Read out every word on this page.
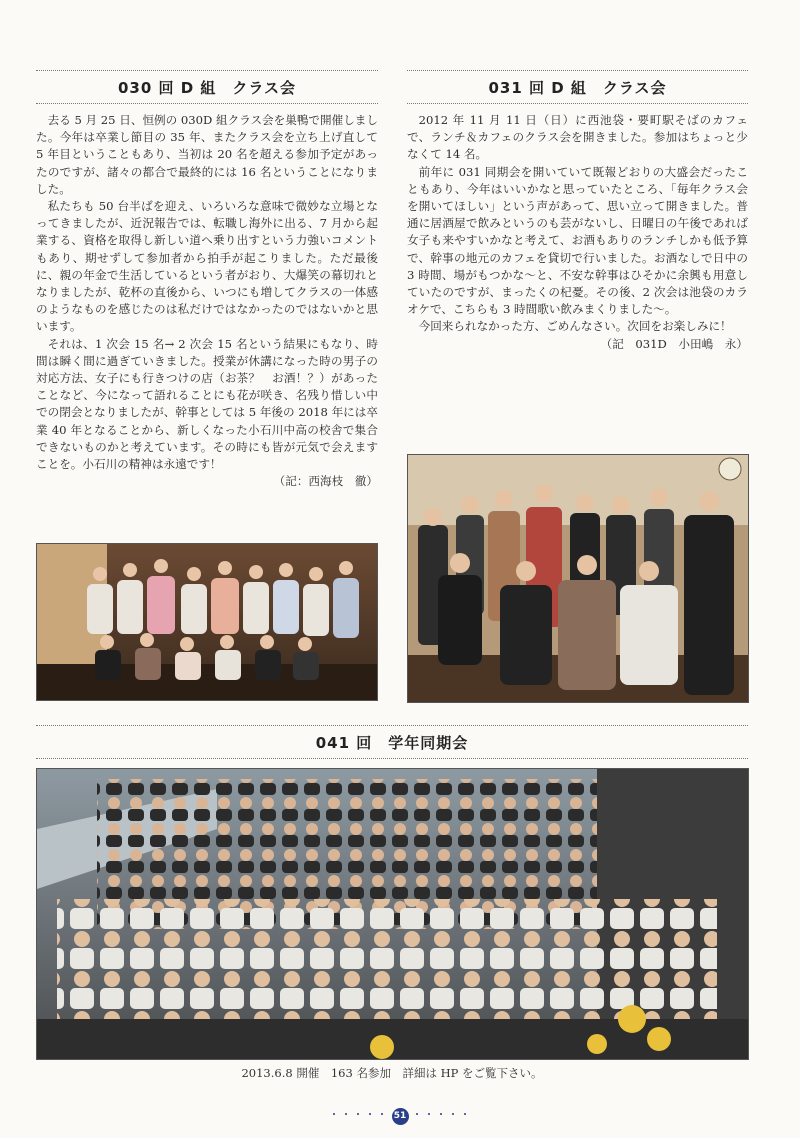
030 回 D 組　クラス会	031 回 D 組　クラス会

去る 5 月 25 日、恒例の 030D 組クラス会を巣鴨で開催しました。今年は卒業し節目の 35 年、またクラス会を立ち上げ直して 5 年目ということもあり、当初は 20 名を超える参加予定があったのですが、諸々の都合で最終的には 16 名ということになりました。

私たちも 50 台半ばを迎え、いろいろな意味で微妙な立場となってきましたが、近況報告では、転職し海外に出る、7 月から起業する、資格を取得し新しい道へ乗り出すという力強いコメントもあり、期せずして参加者から拍手が起こりました。ただ最後に、親の年金で生活しているという者がおり、大爆笑の幕切れとなりましたが、乾杯の直後から、いつにも増してクラスの一体感のようなものを感じたのは私だけではなかったのではないかと思います。

それは、1 次会 15 名→ 2 次会 15 名という結果にもなり、時間は瞬く間に過ぎていきました。授業が休講になった時の男子の対応方法、女子にも行きつけの店（お茶？　お酒！？）があったことなど、今になって語れることにも花が咲き、名残り惜しい中での閉会となりましたが、幹事としては 5 年後の 2018 年には卒業 40 年となることから、新しくなった小石川中高の校舎で集合できないものかと考えています。その時にも皆が元気で会えますことを。小石川の精神は永遠です！

（記：西海枝　徹）

2012 年 11 月 11 日（日）に西池袋・要町駅そばのカフェで、ランチ＆カフェのクラス会を開きました。参加はちょっと少なくて 14 名。

前年に 031 同期会を開いていて既報どおりの大盛会だったこともあり、今年はいいかなと思っていたところ、「毎年クラス会を開いてほしい」という声があって、思い立って開きました。普通に居酒屋で飲みというのも芸がないし、日曜日の午後であれば女子も来やすいかなと考えて、お酒もありのランチしかも低予算で、幹事の地元のカフェを貸切で行いました。お酒なしで日中の 3 時間、場がもつかな～と、不安な幹事はひそかに余興も用意していたのですが、まったくの杞憂。その後、2 次会は池袋のカラオケで、こちらも 3 時間歌い飲みまくりました～。

今回来られなかった方、ごめんなさい。次回をお楽しみに！

（記　031D　小田嶋　永）

041 回　学年同期会
2013.6.8 開催　163 名参加　詳細は HP をご覧下さい。
・・・・・ 51 ・・・・・
